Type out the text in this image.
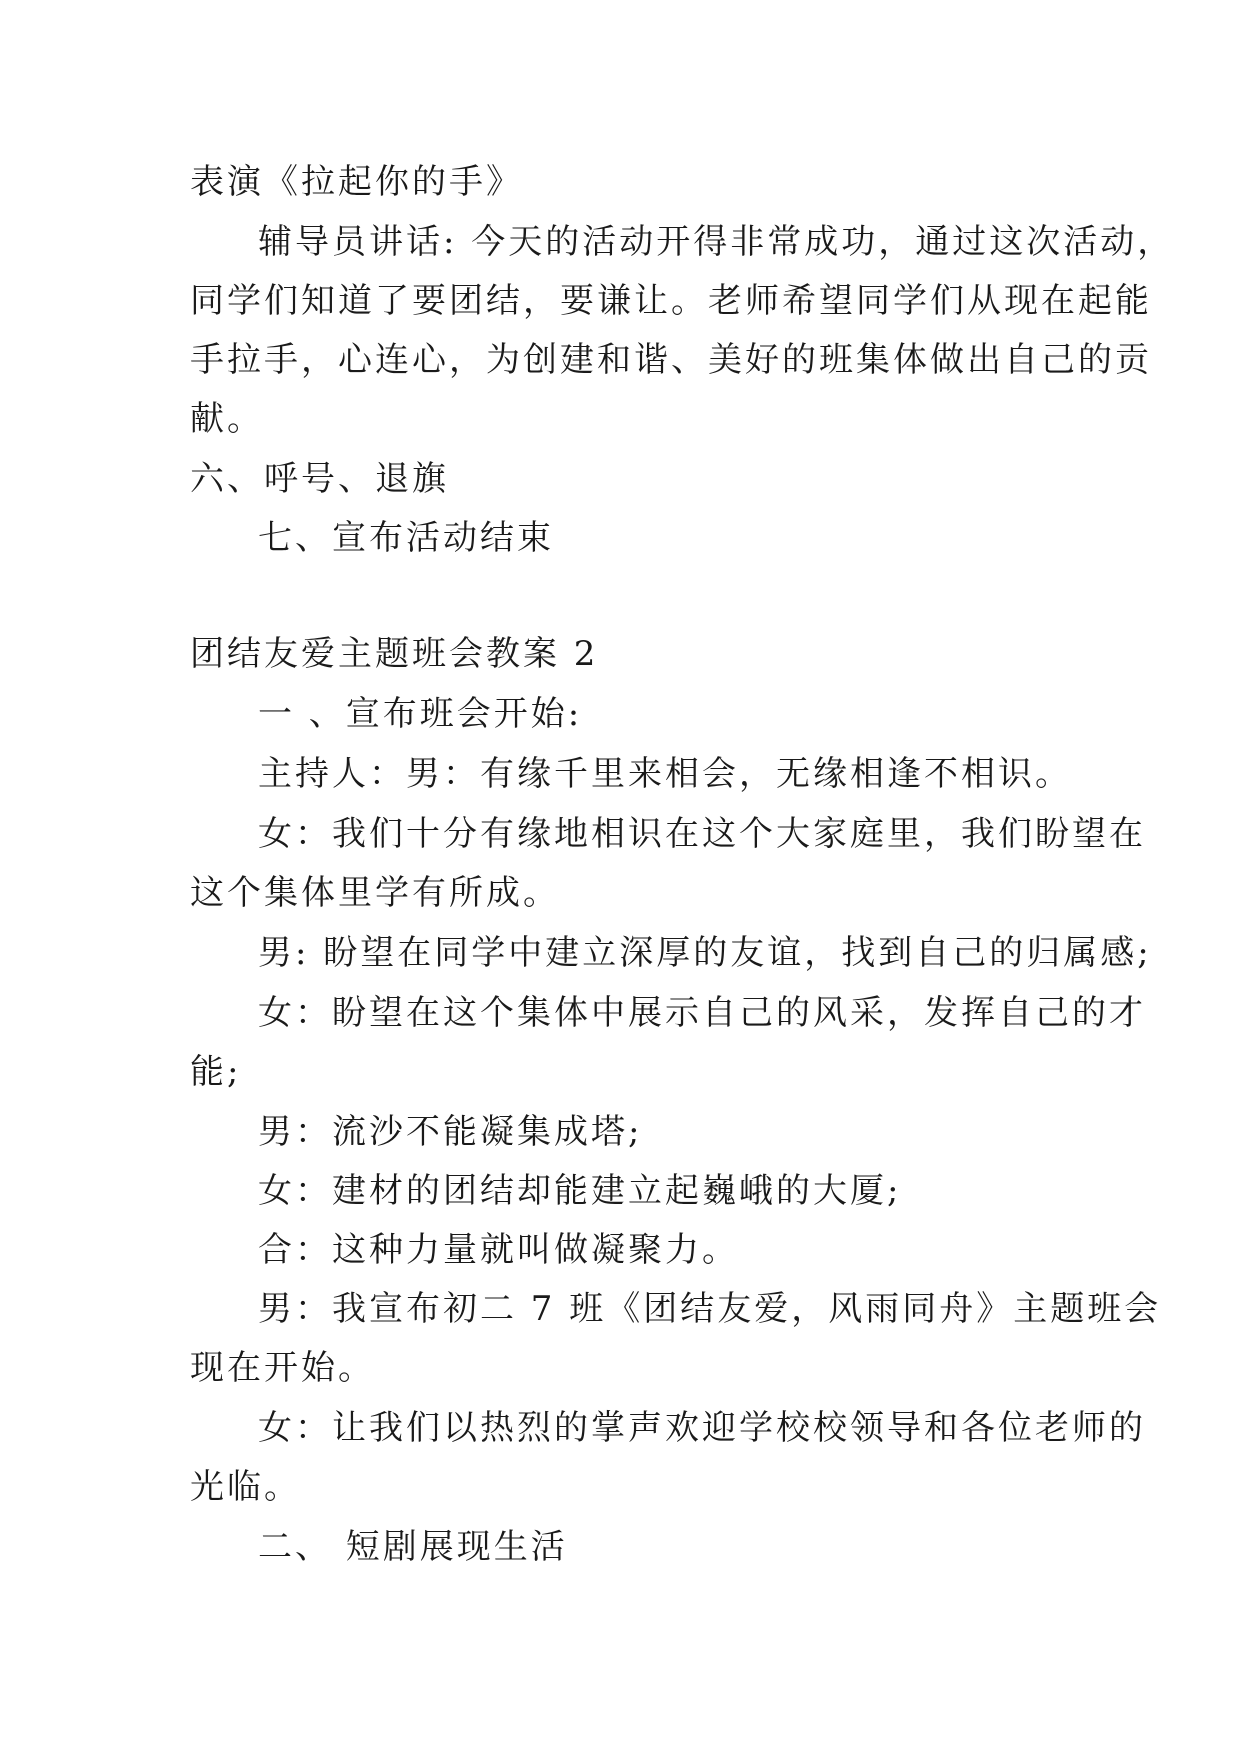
表演《拉起你的手》
辅导员讲话: 今天的活动开得非常成功，通过这次活动，
同学们知道了要团结，要谦让。老师希望同学们从现在起能
手拉手，心连心，为创建和谐、美好的班集体做出自己的贡
献。
六、呼号、退旗
七、宣布活动结束
团结友爱主题班会教案 2
一 、宣布班会开始:
主持人：男：有缘千里来相会，无缘相逢不相识。
女：我们十分有缘地相识在这个大家庭里，我们盼望在
这个集体里学有所成。
男: 盼望在同学中建立深厚的友谊，找到自己的归属感;
女：盼望在这个集体中展示自己的风采，发挥自己的才
能;
男：流沙不能凝集成塔;
女：建材的团结却能建立起巍峨的大厦;
合：这种力量就叫做凝聚力。
男：我宣布初二 7 班《团结友爱，风雨同舟》主题班会
现在开始。
女：让我们以热烈的掌声欢迎学校校领导和各位老师的
光临。
二、 短剧展现生活
